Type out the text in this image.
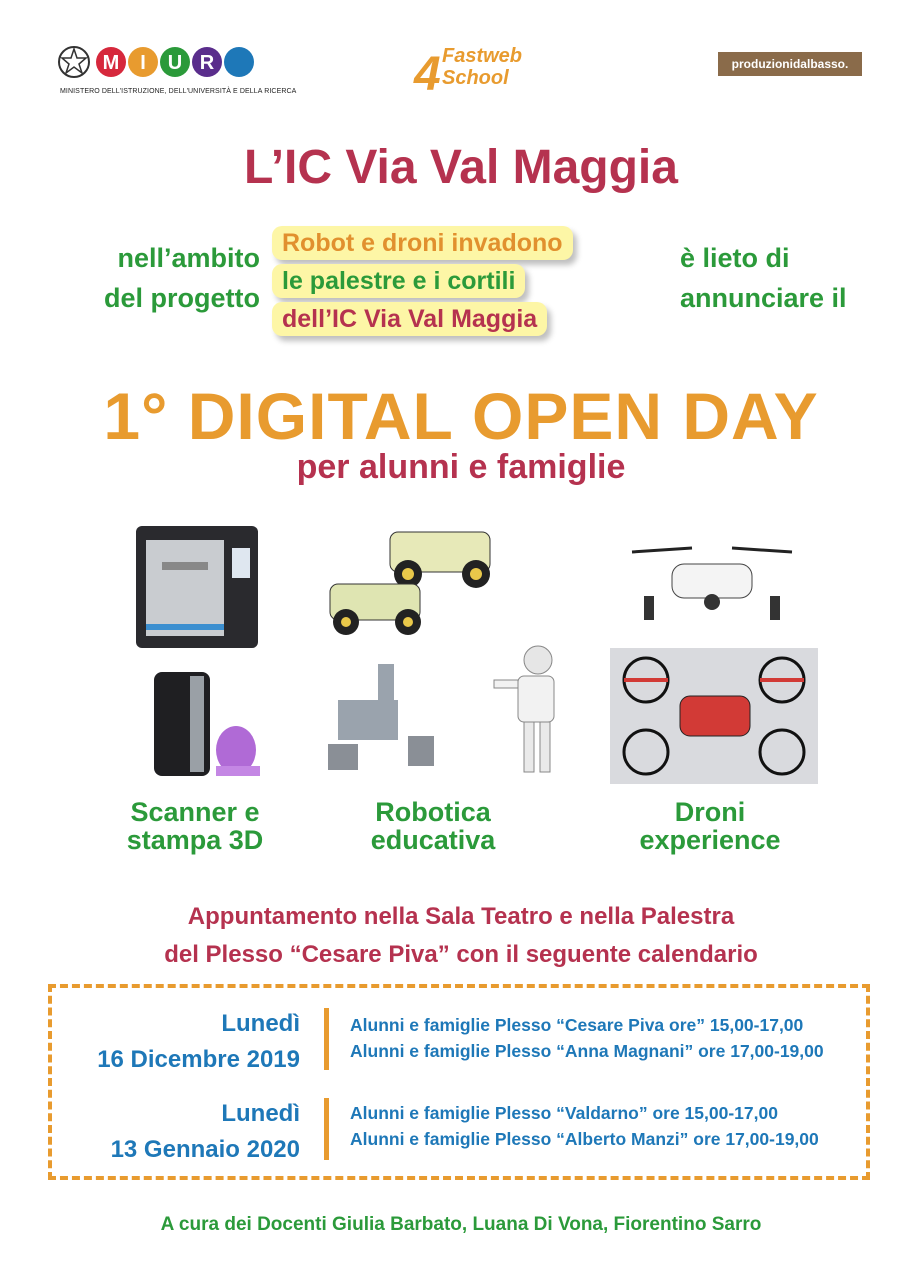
M I U R
MINISTERO DELL'ISTRUZIONE, DELL'UNIVERSITÀ E DELLA RICERCA 4 Fastweb
School
produzionidalbasso.
L’IC Via Val Maggia
nell’ambito
del progetto
è lieto di
annunciare il
Robot e droni invadono
le palestre e i cortili
dell’IC Via Val Maggia
1° DIGITAL OPEN DAY
per alunni e famiglie
Scanner e
stampa 3D
Robotica
educativa
Droni
experience
Appuntamento nella Sala Teatro e nella Palestra
del Plesso “Cesare Piva” con il seguente calendario
Lunedì
16 Dicembre 2019
Alunni e famiglie Plesso “Cesare Piva ore” 15,00-17,00
Alunni e famiglie Plesso “Anna Magnani” ore 17,00-19,00
Lunedì
13 Gennaio 2020
Alunni e famiglie Plesso “Valdarno” ore 15,00-17,00
Alunni e famiglie Plesso “Alberto Manzi” ore 17,00-19,00
A cura dei Docenti Giulia Barbato, Luana Di Vona, Fiorentino Sarro
